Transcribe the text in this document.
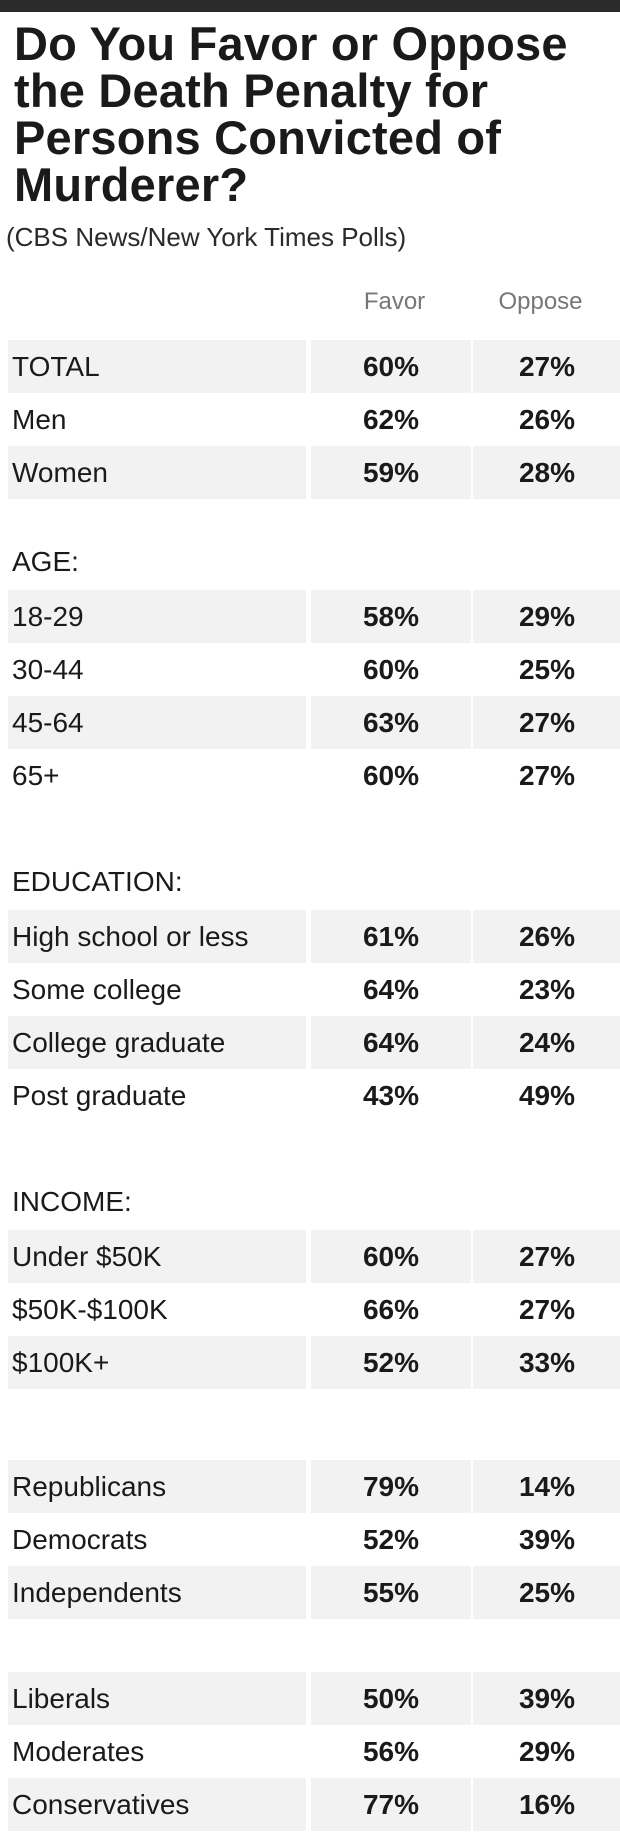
Do You Favor or Oppose the Death Penalty for Persons Convicted of Murderer?
(CBS News/New York Times Polls)
Favor	Oppose
TOTAL	60%	27%
Men	62%	26%
Women	59%	28%
AGE:
18-29	58%	29%
30-44	60%	25%
45-64	63%	27%
65+	60%	27%
EDUCATION:
High school or less	61%	26%
Some college	64%	23%
College graduate	64%	24%
Post graduate	43%	49%
INCOME:
Under $50K	60%	27%
$50K-$100K	66%	27%
$100K+	52%	33%
Republicans	79%	14%
Democrats	52%	39%
Independents	55%	25%
Liberals	50%	39%
Moderates	56%	29%
Conservatives	77%	16%
